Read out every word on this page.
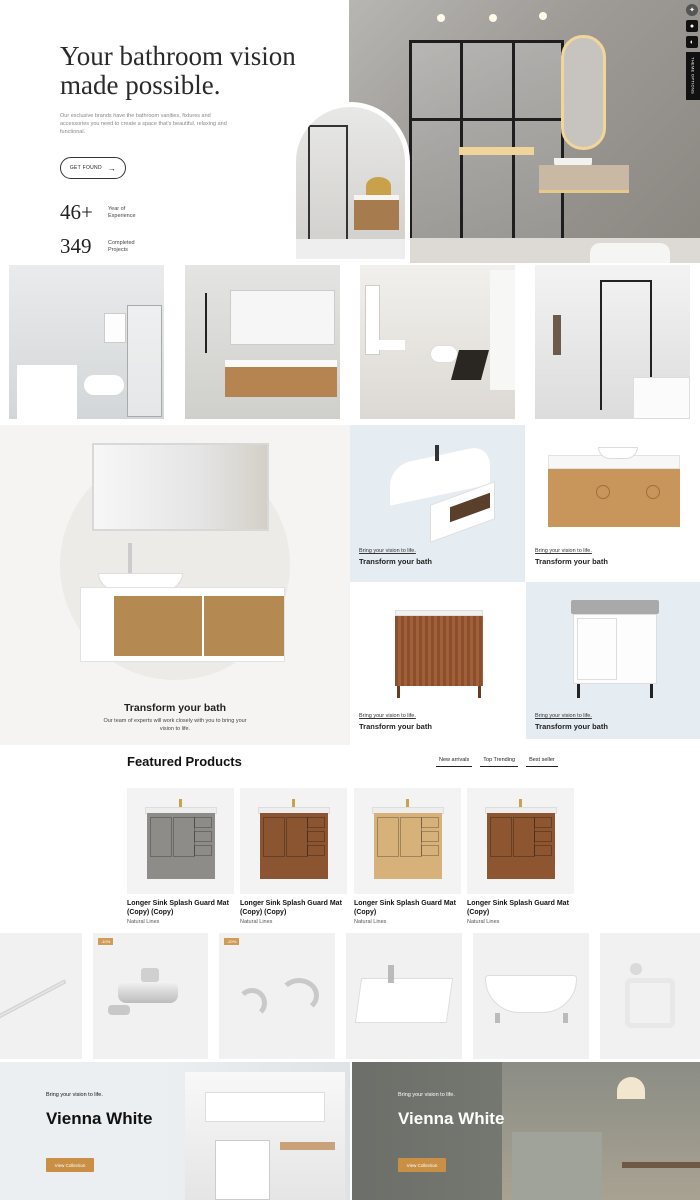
Your bathroom vision made possible.

Our exclusive brands have the bathroom vanities, fixtures and accessories you need to create a space that's beautiful, relaxing and functional.

GET FOUND →
46+	Year of Experience
349	Completed Projects
✦
●
◐
THEME OPTIONS
Transform your bath
Our team of experts will work closely with you to bring your vision to life.
Bring your vision to life.
Transform your bath
Bring your vision to life.
Transform your bath
Bring your vision to life.
Transform your bath
Bring your vision to life.
Transform your bath
Featured Products	New arrivals	Top Trending	Best seller
Longer Sink Splash Guard Mat (Copy) (Copy)
Natural Lines
Longer Sink Splash Guard Mat (Copy) (Copy)
Natural Lines
Longer Sink Splash Guard Mat (Copy)
Natural Lines
Longer Sink Splash Guard Mat (Copy)
Natural Lines
-10%	-20%
Bring your vision to life.
Vienna White
View Collection
Bring your vision to life.
Vienna White
View Collection
